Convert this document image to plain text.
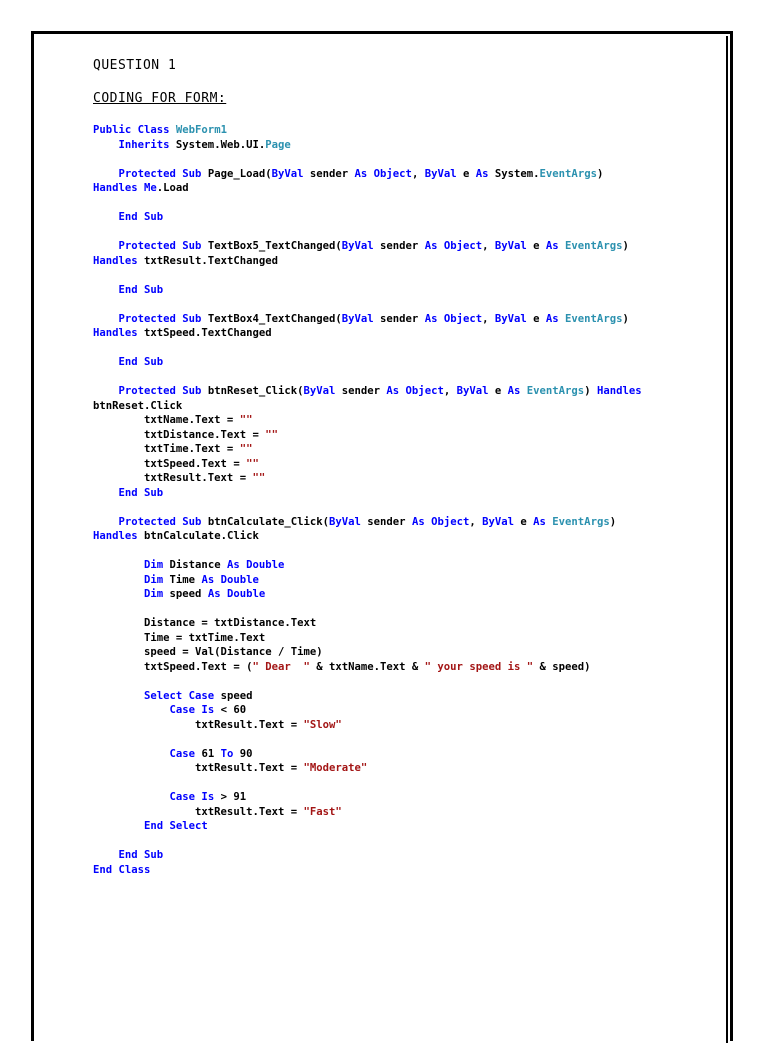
QUESTION 1
CODING FOR FORM:
Public Class WebForm1
Inherits System.Web.UI.Page
Protected Sub Page_Load(ByVal sender As Object, ByVal e As System.EventArgs)
Handles Me.Load
End Sub
Protected Sub TextBox5_TextChanged(ByVal sender As Object, ByVal e As EventArgs)
Handles txtResult.TextChanged
End Sub
Protected Sub TextBox4_TextChanged(ByVal sender As Object, ByVal e As EventArgs)
Handles txtSpeed.TextChanged
End Sub
Protected Sub btnReset_Click(ByVal sender As Object, ByVal e As EventArgs) Handles
btnReset.Click
txtName.Text = ""
txtDistance.Text = ""
txtTime.Text = ""
txtSpeed.Text = ""
txtResult.Text = ""
End Sub
Protected Sub btnCalculate_Click(ByVal sender As Object, ByVal e As EventArgs)
Handles btnCalculate.Click
Dim Distance As Double
Dim Time As Double
Dim speed As Double
Distance = txtDistance.Text
Time = txtTime.Text
speed = Val(Distance / Time)
txtSpeed.Text = (" Dear  " & txtName.Text & " your speed is " & speed)
Select Case speed
Case Is < 60
txtResult.Text = "Slow"
Case 61 To 90
txtResult.Text = "Moderate"
Case Is > 91
txtResult.Text = "Fast"
End Select
End Sub
End Class
